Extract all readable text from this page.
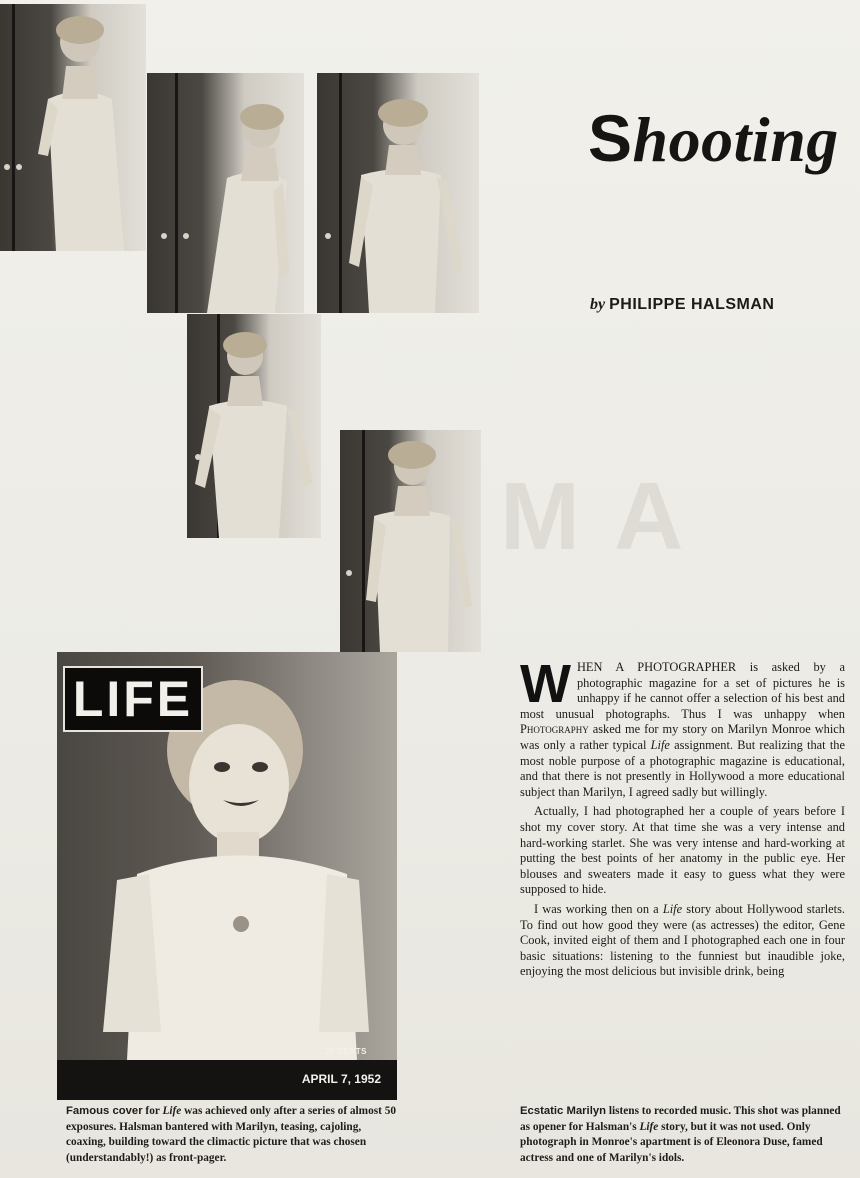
MA
Shooting
by PHILIPPE HALSMAN
LIFE
20 CENTS
APRIL 7, 1952
Famous cover for Life was achieved only after a series of almost 50 exposures. Halsman bantered with Marilyn, teasing, cajoling, coaxing, building toward the climactic picture that was chosen (understandably!) as front-pager.
Ecstatic Marilyn listens to recorded music. This shot was planned as opener for Halsman's Life story, but it was not used. Only photograph in Monroe's apartment is of Eleonora Duse, famed actress and one of Marilyn's idols.

WHEN A PHOTOGRAPHER is asked by a photographic magazine for a set of pictures he is unhappy if he cannot offer a selection of his best and most unusual photographs. Thus I was unhappy when Photography asked me for my story on Marilyn Monroe which was only a rather typical Life assignment. But realizing that the most noble purpose of a photographic magazine is educational, and that there is not presently in Hollywood a more educational subject than Marilyn, I agreed sadly but willingly.

Actually, I had photographed her a couple of years before I shot my cover story. At that time she was a very intense and hard-working starlet. She was very intense and hard-working at putting the best points of her anatomy in the public eye. Her blouses and sweaters made it easy to guess what they were supposed to hide.

I was working then on a Life story about Hollywood starlets. To find out how good they were (as actresses) the editor, Gene Cook, invited eight of them and I photographed each one in four basic situations: listening to the funniest but inaudible joke, enjoying the most delicious but invisible drink, being
